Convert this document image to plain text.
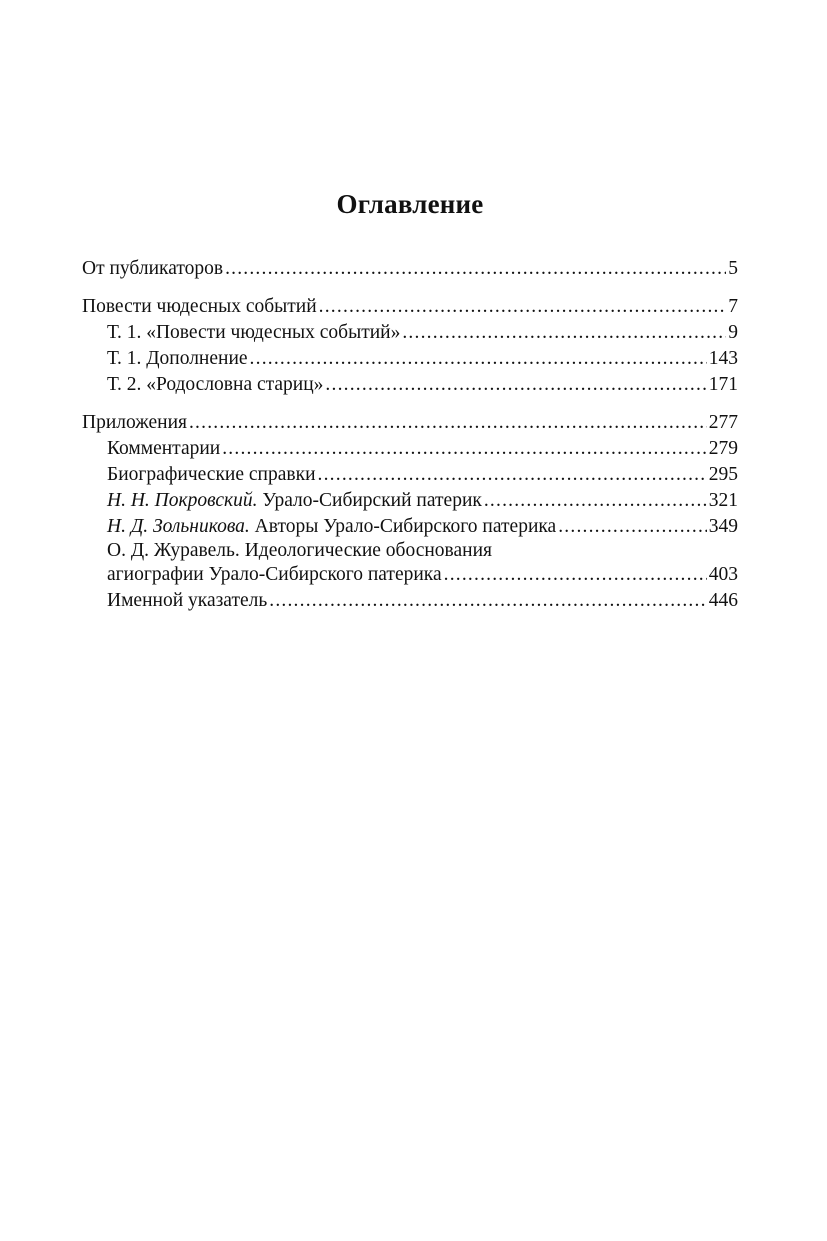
Оглавление
От публикаторов .....	5
Повести чюдесных событий .....	7
Т. 1. «Повести чюдесных событий» .....	9
Т. 1. Дополнение .....	143
Т. 2. «Родословна стариц» .....	171
Приложения .....	277
Комментарии .....	279
Биографические справки .....	295
Н. Н. Покровский. Урало-Сибирский патерик .....	321
Н. Д. Зольникова. Авторы Урало-Сибирского патерика .....	349
О. Д. Журавель. Идеологические обоснования
агиографии Урало-Сибирского патерика .....	403
Именной указатель .....	446
